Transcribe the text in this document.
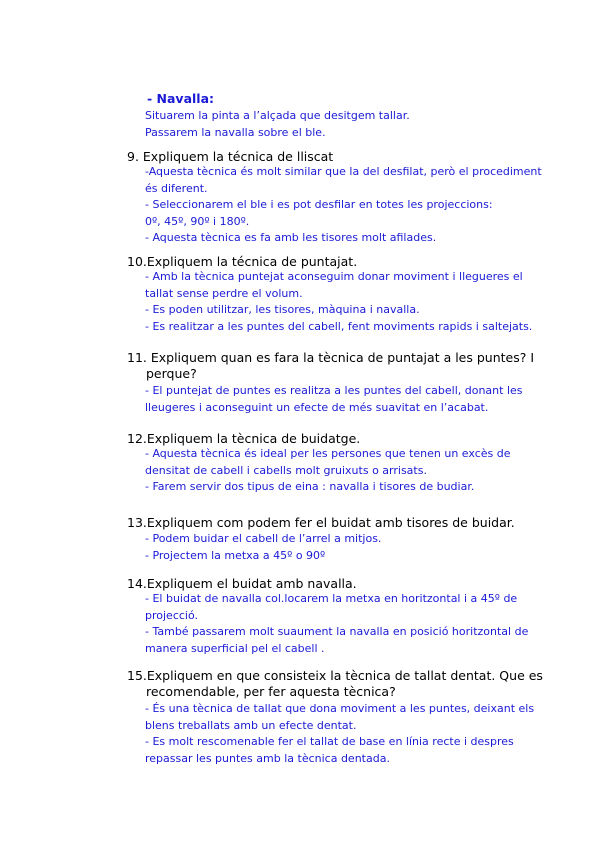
- Navalla:
Situarem la pinta a l’alçada que desitgem tallar.
Passarem la navalla sobre el ble.
9. Expliquem la técnica de lliscat
-Aquesta tècnica és molt similar que la del desfilat, però el procediment
és diferent.
- Seleccionarem el ble i es pot desfilar en totes les projeccions:
0º, 45º, 90º i 180º.
- Aquesta tècnica es fa amb les tisores molt afilades.
10.Expliquem la técnica de puntajat.
- Amb la tècnica puntejat aconseguim donar moviment i llegueres el
tallat sense perdre el volum.
- Es poden utilitzar, les tisores, màquina i navalla.
- Es realitzar a les puntes del cabell, fent moviments rapids i saltejats.
11. Expliquem quan es fara la tècnica de puntajat a les puntes? I
perque?
- El puntejat de puntes es realitza a les puntes del cabell, donant les
lleugeres i aconseguint un efecte de més suavitat en l’acabat.
12.Expliquem la tècnica de buidatge.
- Aquesta tècnica és ideal per les persones que tenen un excès de
densitat de cabell i cabells molt gruixuts o arrisats.
- Farem servir dos tipus de eina : navalla i tisores de budiar.
13.Expliquem com podem fer el buidat amb tisores de buidar.
- Podem buidar el cabell de l’arrel a mitjos.
- Projectem la metxa a 45º o 90º
14.Expliquem el buidat amb navalla.
- El buidat de navalla col.locarem la metxa en horitzontal i a 45º de
projecció.
- També passarem molt suaument la navalla en posició horitzontal de
manera superficial pel el cabell .
15.Expliquem en que consisteix la tècnica de tallat dentat. Que es
recomendable, per fer aquesta tècnica?
- És una tècnica de tallat que dona moviment a les puntes, deixant els
blens treballats amb un efecte dentat.
- Es molt rescomenable fer el tallat de base en línia recte i despres
repassar les puntes amb la tècnica dentada.
